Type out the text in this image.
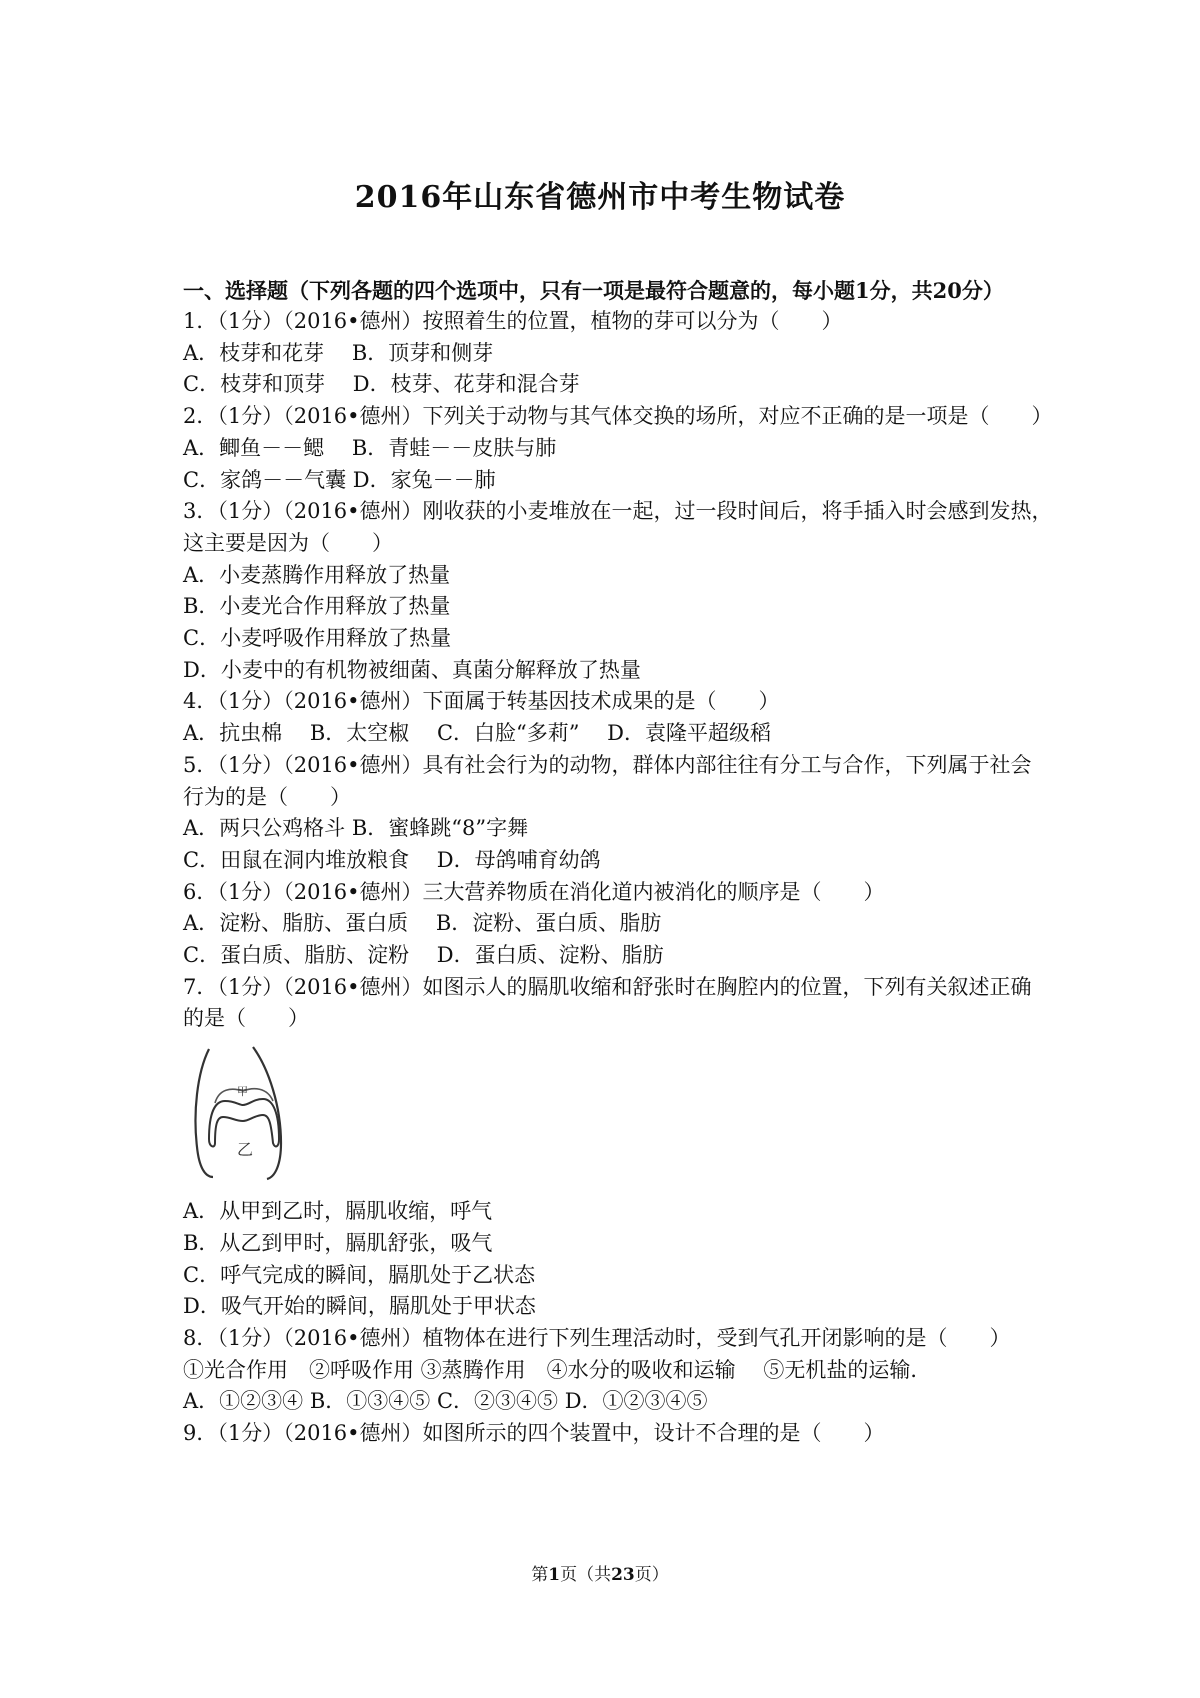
2016年山东省德州市中考生物试卷
一、选择题（下列各题的四个选项中，只有一项是最符合题意的，每小题1分，共20分）
1．（1分）（2016•德州）按照着生的位置，植物的芽可以分为（　　）
A．枝芽和花芽　 B．顶芽和侧芽
C．枝芽和顶芽　 D．枝芽、花芽和混合芽
2．（1分）（2016•德州）下列关于动物与其气体交换的场所，对应不正确的是一项是（　　）
A．鲫鱼－－鳃　 B．青蛙－－皮肤与肺
C．家鸽－－气囊 D．家兔－－肺
3．（1分）（2016•德州）刚收获的小麦堆放在一起，过一段时间后，将手插入时会感到发热，
这主要是因为（　　）
A．小麦蒸腾作用释放了热量
B．小麦光合作用释放了热量
C．小麦呼吸作用释放了热量
D．小麦中的有机物被细菌、真菌分解释放了热量
4．（1分）（2016•德州）下面属于转基因技术成果的是（　　）
A．抗虫棉　 B．太空椒　 C．白脸“多莉”　 D．袁隆平超级稻
5．（1分）（2016•德州）具有社会行为的动物，群体内部往往有分工与合作，下列属于社会
行为的是（　　）
A．两只公鸡格斗 B．蜜蜂跳“8”字舞
C．田鼠在洞内堆放粮食　 D．母鸽哺育幼鸽
6．（1分）（2016•德州）三大营养物质在消化道内被消化的顺序是（　　）
A．淀粉、脂肪、蛋白质　 B．淀粉、蛋白质、脂肪
C．蛋白质、脂肪、淀粉　 D．蛋白质、淀粉、脂肪
7．（1分）（2016•德州）如图示人的膈肌收缩和舒张时在胸腔内的位置，下列有关叙述正确
的是（　　）
甲
乙
A．从甲到乙时，膈肌收缩，呼气
B．从乙到甲时，膈肌舒张，吸气
C．呼气完成的瞬间，膈肌处于乙状态
D．吸气开始的瞬间，膈肌处于甲状态
8．（1分）（2016•德州）植物体在进行下列生理活动时，受到气孔开闭影响的是（　　）
①光合作用　②呼吸作用 ③蒸腾作用　④水分的吸收和运输　 ⑤无机盐的运输．
A．①②③④ B．①③④⑤ C．②③④⑤ D．①②③④⑤
9．（1分）（2016•德州）如图所示的四个装置中，设计不合理的是（　　）
第1页（共23页）
